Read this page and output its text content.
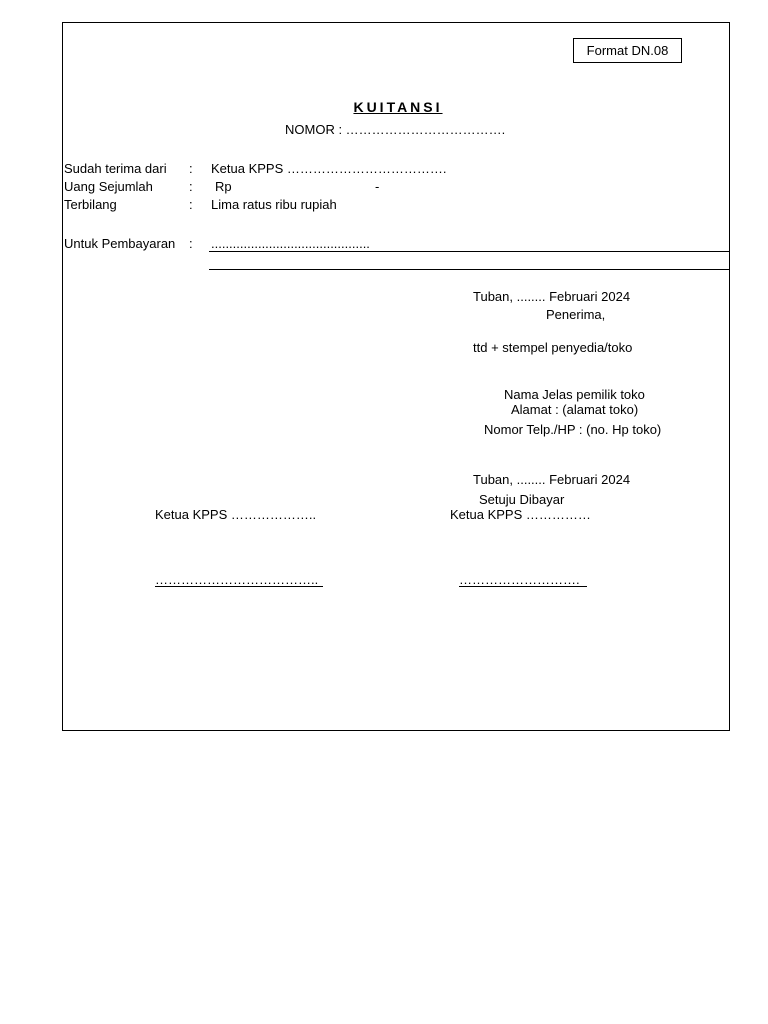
Format DN.08
KUITANSI
NOMOR : ……………………………….
Sudah terima dari : Ketua KPPS ……………………………….
Uang Sejumlah	: Rp	-
Terbilang	: Lima ratus ribu rupiah
Untuk Pembayaran : ............................................
Tuban, ........ Februari 2024
Penerima,
ttd + stempel penyedia/toko
Nama Jelas pemilik toko
Alamat : (alamat toko)
Nomor Telp./HP : (no. Hp toko)
Tuban, ........ Februari 2024
Setuju Dibayar
Ketua KPPS ………………..	Ketua KPPS ……………
………………………………..	……………………….
